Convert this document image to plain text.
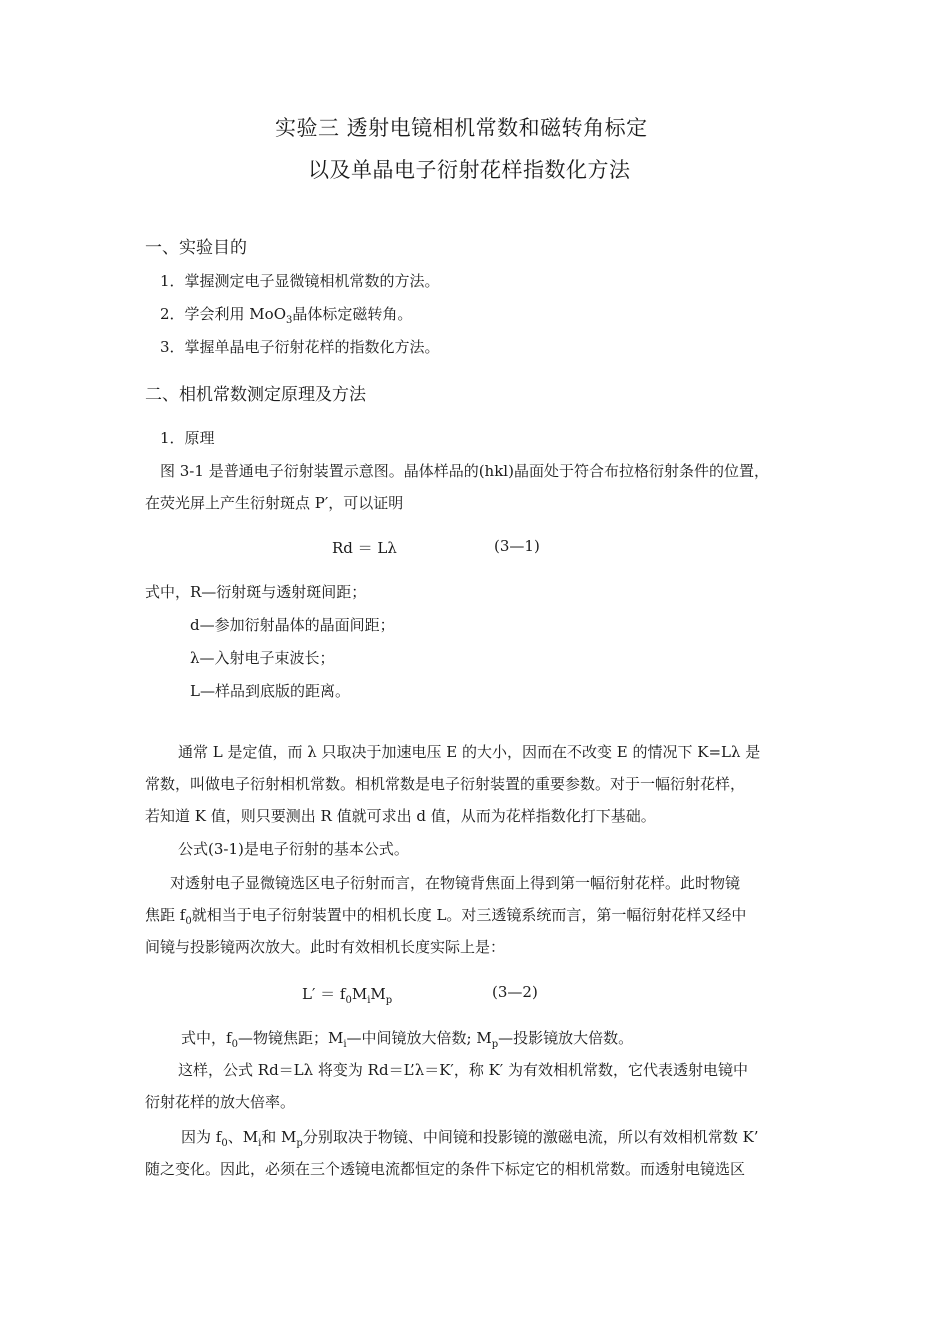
实验三 透射电镜相机常数和磁转角标定
以及单晶电子衍射花样指数化方法
一、实验目的
1．掌握测定电子显微镜相机常数的方法。
2．学会利用 MoO$_3$晶体标定磁转角。
3．掌握单晶电子衍射花样的指数化方法。
二、相机常数测定原理及方法
1．原理
图 3-1 是普通电子衍射装置示意图。晶体样品的(hkl)晶面处于符合布拉格衍射条件的位置，
在荧光屏上产生衍射斑点 P′，可以证明
Rd ＝ Lλ	(3—1)
式中，R—衍射斑与透射斑间距；
d—参加衍射晶体的晶面间距；
λ—入射电子束波长；
L—样品到底版的距离。
通常 L 是定值，而 λ 只取决于加速电压 E 的大小，因而在不改变 E 的情况下 K=Lλ 是
常数，叫做电子衍射相机常数。相机常数是电子衍射装置的重要参数。对于一幅衍射花样，
若知道 K 值，则只要测出 R 值就可求出 d 值，从而为花样指数化打下基础。
公式(3-1)是电子衍射的基本公式。
对透射电子显微镜选区电子衍射而言，在物镜背焦面上得到第一幅衍射花样。此时物镜
焦距 $f_0$就相当于电子衍射装置中的相机长度 L。对三透镜系统而言，第一幅衍射花样又经中
间镜与投影镜两次放大。此时有效相机长度实际上是：
$L' = f_0M_iM_p$	(3—2)
式中，$f_0—$物镜焦距；$M_i—$中间镜放大倍数; $M_p—$投影镜放大倍数。
这样，公式 Rd＝Lλ 将变为 Rd＝L’λ＝K′，称 K′ 为有效相机常数，它代表透射电镜中
衍射花样的放大倍率。
因为 $f_0$、$M_i$和 $M_p$分别取决于物镜、中间镜和投影镜的激磁电流，所以有效相机常数 K’
随之变化。因此，必须在三个透镜电流都恒定的条件下标定它的相机常数。而透射电镜选区
